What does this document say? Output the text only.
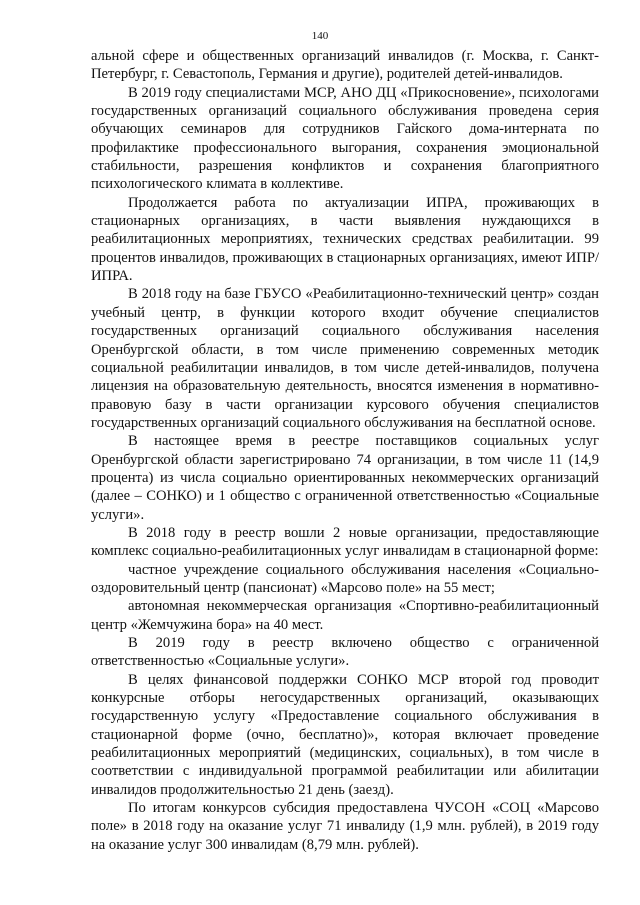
140

альной сфере и общественных организаций инвалидов (г. Москва, г. Санкт-Петербург, г. Севастополь, Германия и другие), родителей детей-инвалидов.

В 2019 году специалистами МСР, АНО ДЦ «Прикосновение», психологами государственных организаций социального обслуживания проведена серия обучающих семинаров для сотрудников Гайского дома-интерната по профилактике профессионального выгорания, сохранения эмоциональной стабильности, разрешения конфликтов и сохранения благоприятного психологического климата в коллективе.

Продолжается работа по актуализации ИПРА, проживающих в стационарных организациях, в части выявления нуждающихся в реабилитационных мероприятиях, технических средствах реабилитации. 99 процентов инвалидов, проживающих в стационарных организациях, имеют ИПР/ИПРА.

В 2018 году на базе ГБУСО «Реабилитационно-технический центр» создан учебный центр, в функции которого входит обучение специалистов государственных организаций социального обслуживания населения Оренбургской области, в том числе применению современных методик социальной реабилитации инвалидов, в том числе детей-инвалидов, получена лицензия на образовательную деятельность, вносятся изменения в нормативно-правовую базу в части организации курсового обучения специалистов государственных организаций социального обслуживания на бесплатной основе.

В настоящее время в реестре поставщиков социальных услуг Оренбургской области зарегистрировано 74 организации, в том числе 11 (14,9 процента) из числа социально ориентированных некоммерческих организаций (далее – СОНКО) и 1 общество с ограниченной ответственностью «Социальные услуги».

В 2018 году в реестр вошли 2 новые организации, предоставляющие комплекс социально-реабилитационных услуг инвалидам в стационарной форме:

частное учреждение социального обслуживания населения «Социально-оздоровительный центр (пансионат) «Марсово поле» на 55 мест;

автономная некоммерческая организация «Спортивно-реабилитационный центр «Жемчужина бора» на 40 мест.

В 2019 году в реестр включено общество с ограниченной ответственностью «Социальные услуги».

В целях финансовой поддержки СОНКО МСР второй год проводит конкурсные отборы негосударственных организаций, оказывающих государственную услугу «Предоставление социального обслуживания в стационарной форме (очно, бесплатно)», которая включает проведение реабилитационных мероприятий (медицинских, социальных), в том числе в соответствии с индивидуальной программой реабилитации или абилитации инвалидов продолжительностью 21 день (заезд).

По итогам конкурсов субсидия предоставлена ЧУСОН «СОЦ «Марсово поле» в 2018 году на оказание услуг 71 инвалиду (1,9 млн. рублей), в 2019 году на оказание услуг 300 инвалидам (8,79 млн. рублей).
